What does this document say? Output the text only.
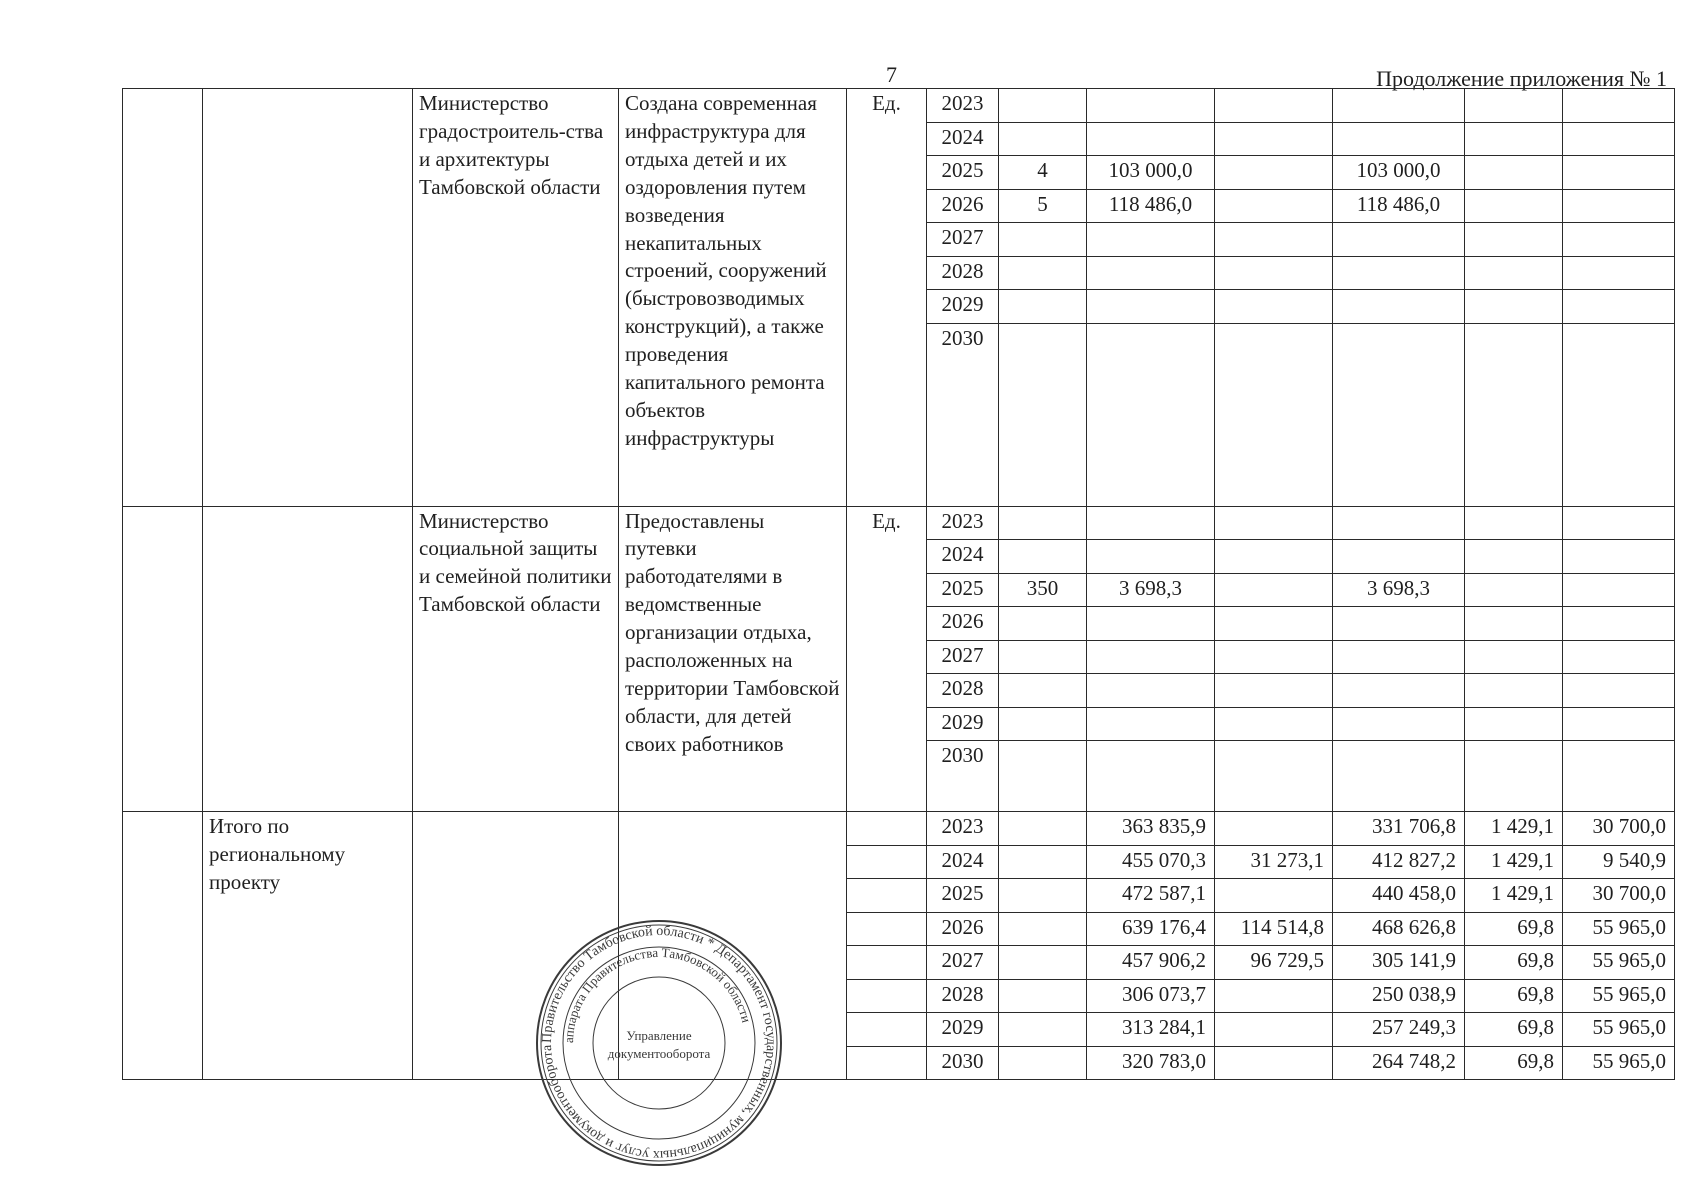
7	Продолжение приложения № 1
		Министерство градостроитель-ства и архитектуры Тамбовской области	Создана современная инфраструктура для отдыха детей и их оздоровления путем возведения некапитальных строений, сооружений (быстровозводимых конструкций), а также проведения капитального ремонта объектов инфраструктуры	Ед.	2023						
					2024						
					2025	4	103 000,0		103 000,0		
					2026	5	118 486,0		118 486,0		
					2027						
					2028						
					2029						
					2030						
		Министерство социальной защиты и семейной политики Тамбовской области	Предоставлены путевки работодателями в ведомственные организации отдыха, расположенных на территории Тамбовской области, для детей своих работников	Ед.	2023						
					2024						
					2025	350	3 698,3		3 698,3		
					2026						
					2027						
					2028						
					2029						
					2030						
	Итого по региональному проекту				2023		363 835,9		331 706,8	1 429,1	30 700,0
					2024		455 070,3	31 273,1	412 827,2	1 429,1	9 540,9
					2025		472 587,1		440 458,0	1 429,1	30 700,0
					2026		639 176,4	114 514,8	468 626,8	69,8	55 965,0
					2027		457 906,2	96 729,5	305 141,9	69,8	55 965,0
					2028		306 073,7		250 038,9	69,8	55 965,0
					2029		313 284,1		257 249,3	69,8	55 965,0
					2030		320 783,0		264 748,2	69,8	55 965,0
Правительство Тамбовской области * Департамент государственных, муниципальных услуг и документооборота
аппарата Правительства Тамбовской области
Управление
документооборота
